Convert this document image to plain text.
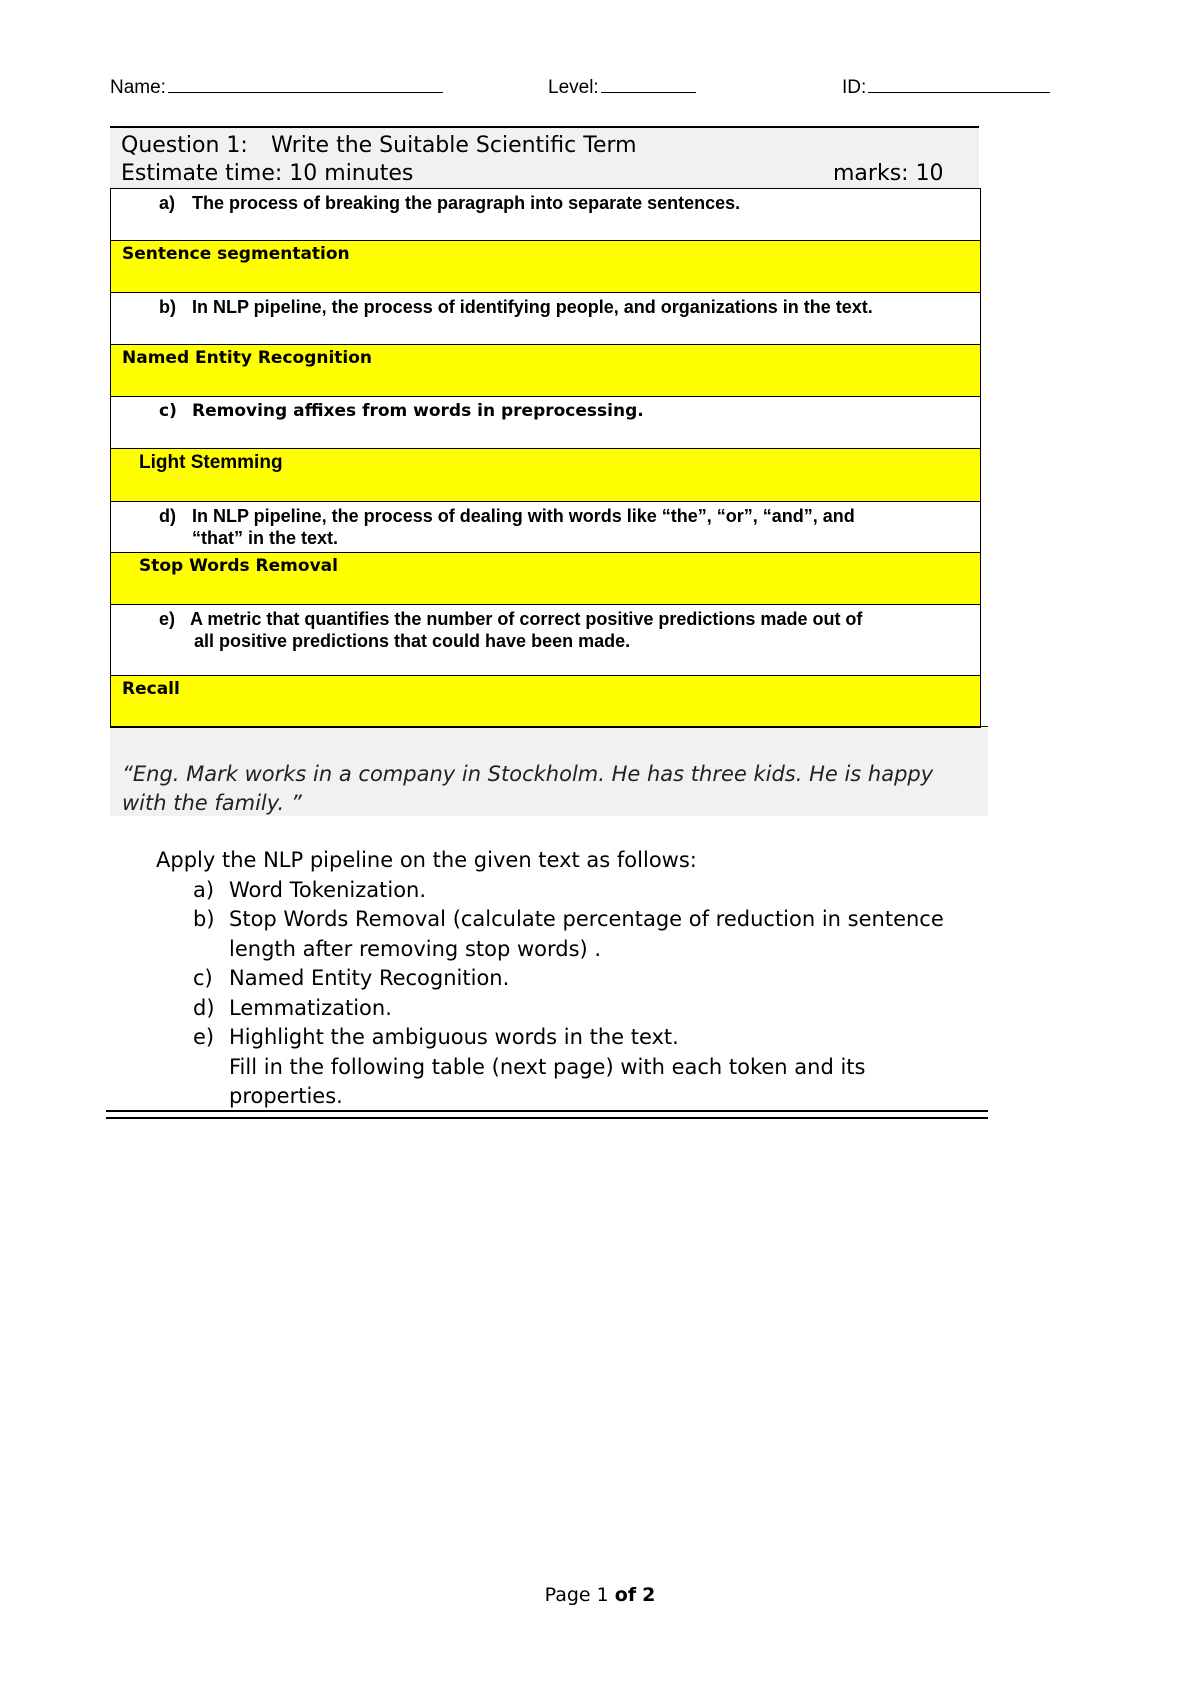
Name:	Level:	ID:
Question 1: Write the Suitable Scientific Term
Estimate time: 10 minutes	marks: 10
a) The process of breaking the paragraph into separate sentences.
Sentence segmentation
b) In NLP pipeline, the process of identifying people, and organizations in the text.
Named Entity Recognition
c) Removing affixes from words in preprocessing.
Light Stemming
d) In NLP pipeline, the process of dealing with words like “the”, “or”, “and”, and
“that” in the text.
Stop Words Removal
e) A metric that quantifies the number of correct positive predictions made out of
all positive predictions that could have been made.
Recall
“Eng. Mark works in a company in Stockholm. He has three kids. He is happy with the family. ”
Apply the NLP pipeline on the given text as follows:
a) Word Tokenization.
b) Stop Words Removal (calculate percentage of reduction in sentence
length after removing stop words) .
c) Named Entity Recognition.
d) Lemmatization.
e) Highlight the ambiguous words in the text.
Fill in the following table (next page) with each token and its properties.
Page 1 of 2
